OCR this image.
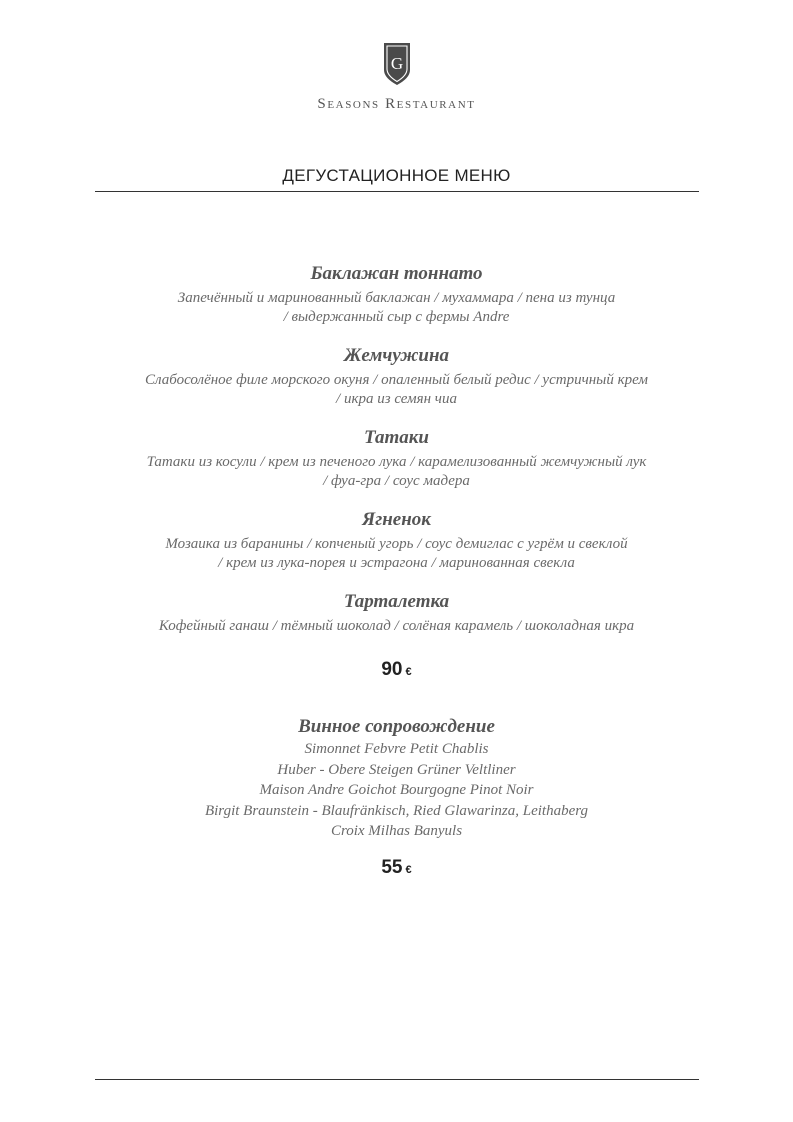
G
Seasons Restaurant
ДЕГУСТАЦИОННОЕ МЕНЮ
Баклажан тоннато
Запечённый и маринованный баклажан / мухаммара / пена из тунца
/ выдержанный сыр с фермы Andre
Жемчужина
Слабосолёное филе морского окуня / опаленный белый редис / устричный крем
/ икра из семян чиа
Татаки
Татаки из косули / крем из печеного лука / карамелизованный жемчужный лук
/ фуа-гра / соус мадера
Ягненок
Мозаика из баранины / копченый угорь / соус демиглас с угрём и свеклой
/ крем из лука-порея и эстрагона / маринованная свекла
Тарталетка
Кофейный ганаш / тёмный шоколад / солёная карамель / шоколадная икра
90 €
Винное сопровождение
Simonnet Febvre Petit Chablis
Huber - Obere Steigen Grüner Veltliner
Maison Andre Goichot Bourgogne Pinot Noir
Birgit Braunstein - Blaufränkisch, Ried Glawarinza, Leithaberg
Croix Milhas Banyuls
55 €
